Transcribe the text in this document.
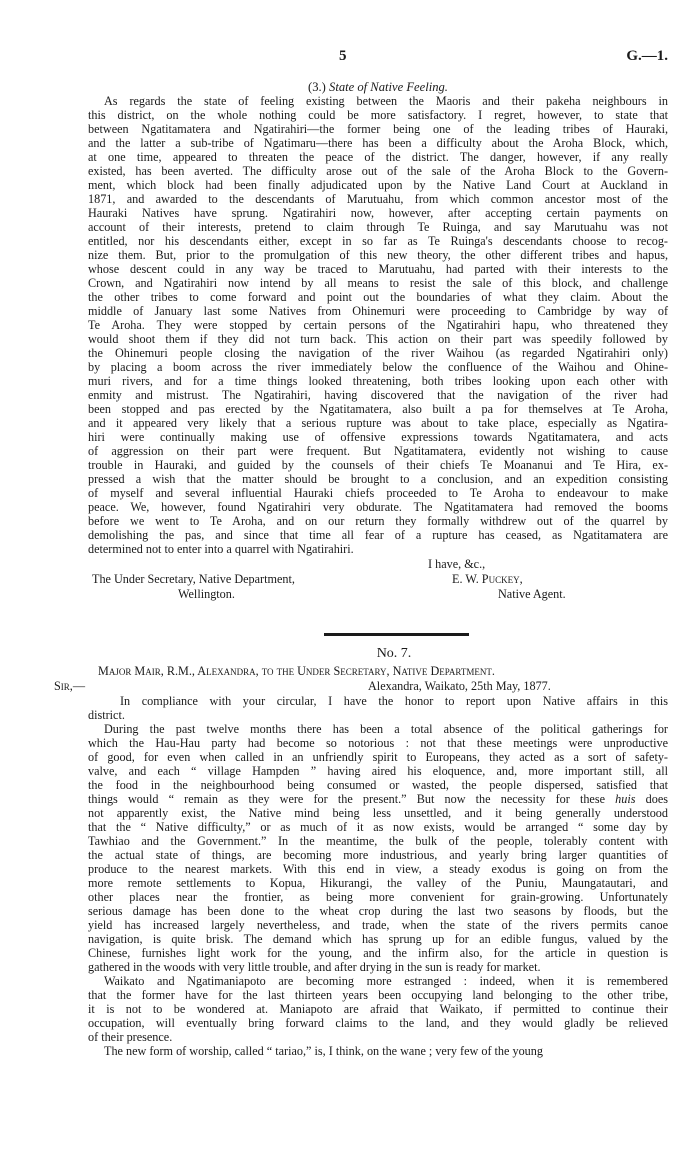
5	G.—1.
(3.) State of Native Feeling.
As regards the state of feeling existing between the Maoris and their pakeha neighbours in
this district, on the whole nothing could be more satisfactory. I regret, however, to state that
between Ngatitamatera and Ngatirahiri—the former being one of the leading tribes of Hauraki,
and the latter a sub-tribe of Ngatimaru—there has been a difficulty about the Aroha Block, which,
at one time, appeared to threaten the peace of the district. The danger, however, if any really
existed, has been averted. The difficulty arose out of the sale of the Aroha Block to the Govern-
ment, which block had been finally adjudicated upon by the Native Land Court at Auckland in
1871, and awarded to the descendants of Marutuahu, from which common ancestor most of the
Hauraki Natives have sprung. Ngatirahiri now, however, after accepting certain payments on
account of their interests, pretend to claim through Te Ruinga, and say Marutuahu was not
entitled, nor his descendants either, except in so far as Te Ruinga's descendants choose to recog-
nize them. But, prior to the promulgation of this new theory, the other different tribes and hapus,
whose descent could in any way be traced to Marutuahu, had parted with their interests to the
Crown, and Ngatirahiri now intend by all means to resist the sale of this block, and challenge
the other tribes to come forward and point out the boundaries of what they claim. About the
middle of January last some Natives from Ohinemuri were proceeding to Cambridge by way of
Te Aroha. They were stopped by certain persons of the Ngatirahiri hapu, who threatened they
would shoot them if they did not turn back. This action on their part was speedily followed by
the Ohinemuri people closing the navigation of the river Waihou (as regarded Ngatirahiri only)
by placing a boom across the river immediately below the confluence of the Waihou and Ohine-
muri rivers, and for a time things looked threatening, both tribes looking upon each other with
enmity and mistrust. The Ngatirahiri, having discovered that the navigation of the river had
been stopped and pas erected by the Ngatitamatera, also built a pa for themselves at Te Aroha,
and it appeared very likely that a serious rupture was about to take place, especially as Ngatira-
hiri were continually making use of offensive expressions towards Ngatitamatera, and acts
of aggression on their part were frequent. But Ngatitamatera, evidently not wishing to cause
trouble in Hauraki, and guided by the counsels of their chiefs Te Moananui and Te Hira, ex-
pressed a wish that the matter should be brought to a conclusion, and an expedition consisting
of myself and several influential Hauraki chiefs proceeded to Te Aroha to endeavour to make
peace. We, however, found Ngatirahiri very obdurate. The Ngatitamatera had removed the booms
before we went to Te Aroha, and on our return they formally withdrew out of the quarrel by
demolishing the pas, and since that time all fear of a rupture has ceased, as Ngatitamatera are
determined not to enter into a quarrel with Ngatirahiri.
I have, &c.,
The Under Secretary, Native Department,	E. W. Puckey,
Wellington.	Native Agent.
No. 7.
Major Mair, R.M., Alexandra, to the Under Secretary, Native Department.
Sir,—	Alexandra, Waikato, 25th May, 1877.
In compliance with your circular, I have the honor to report upon Native affairs in this
district.
During the past twelve months there has been a total absence of the political gatherings for
which the Hau-Hau party had become so notorious : not that these meetings were unproductive
of good, for even when called in an unfriendly spirit to Europeans, they acted as a sort of safety-
valve, and each “ village Hampden ” having aired his eloquence, and, more important still, all
the food in the neighbourhood being consumed or wasted, the people dispersed, satisfied that
things would “ remain as they were for the present.” But now the necessity for these huis does
not apparently exist, the Native mind being less unsettled, and it being generally understood
that the “ Native difficulty,” or as much of it as now exists, would be arranged “ some day by
Tawhiao and the Government.” In the meantime, the bulk of the people, tolerably content with
the actual state of things, are becoming more industrious, and yearly bring larger quantities of
produce to the nearest markets. With this end in view, a steady exodus is going on from the
more remote settlements to Kopua, Hikurangi, the valley of the Puniu, Maungatautari, and
other places near the frontier, as being more convenient for grain-growing. Unfortunately
serious damage has been done to the wheat crop during the last two seasons by floods, but the
yield has increased largely nevertheless, and trade, when the state of the rivers permits canoe
navigation, is quite brisk. The demand which has sprung up for an edible fungus, valued by the
Chinese, furnishes light work for the young, and the infirm also, for the article in question is
gathered in the woods with very little trouble, and after drying in the sun is ready for market.
Waikato and Ngatimaniapoto are becoming more estranged : indeed, when it is remembered
that the former have for the last thirteen years been occupying land belonging to the other tribe,
it is not to be wondered at. Maniapoto are afraid that Waikato, if permitted to continue their
occupation, will eventually bring forward claims to the land, and they would gladly be relieved
of their presence.
The new form of worship, called “ tariao,” is, I think, on the wane ; very few of the young
